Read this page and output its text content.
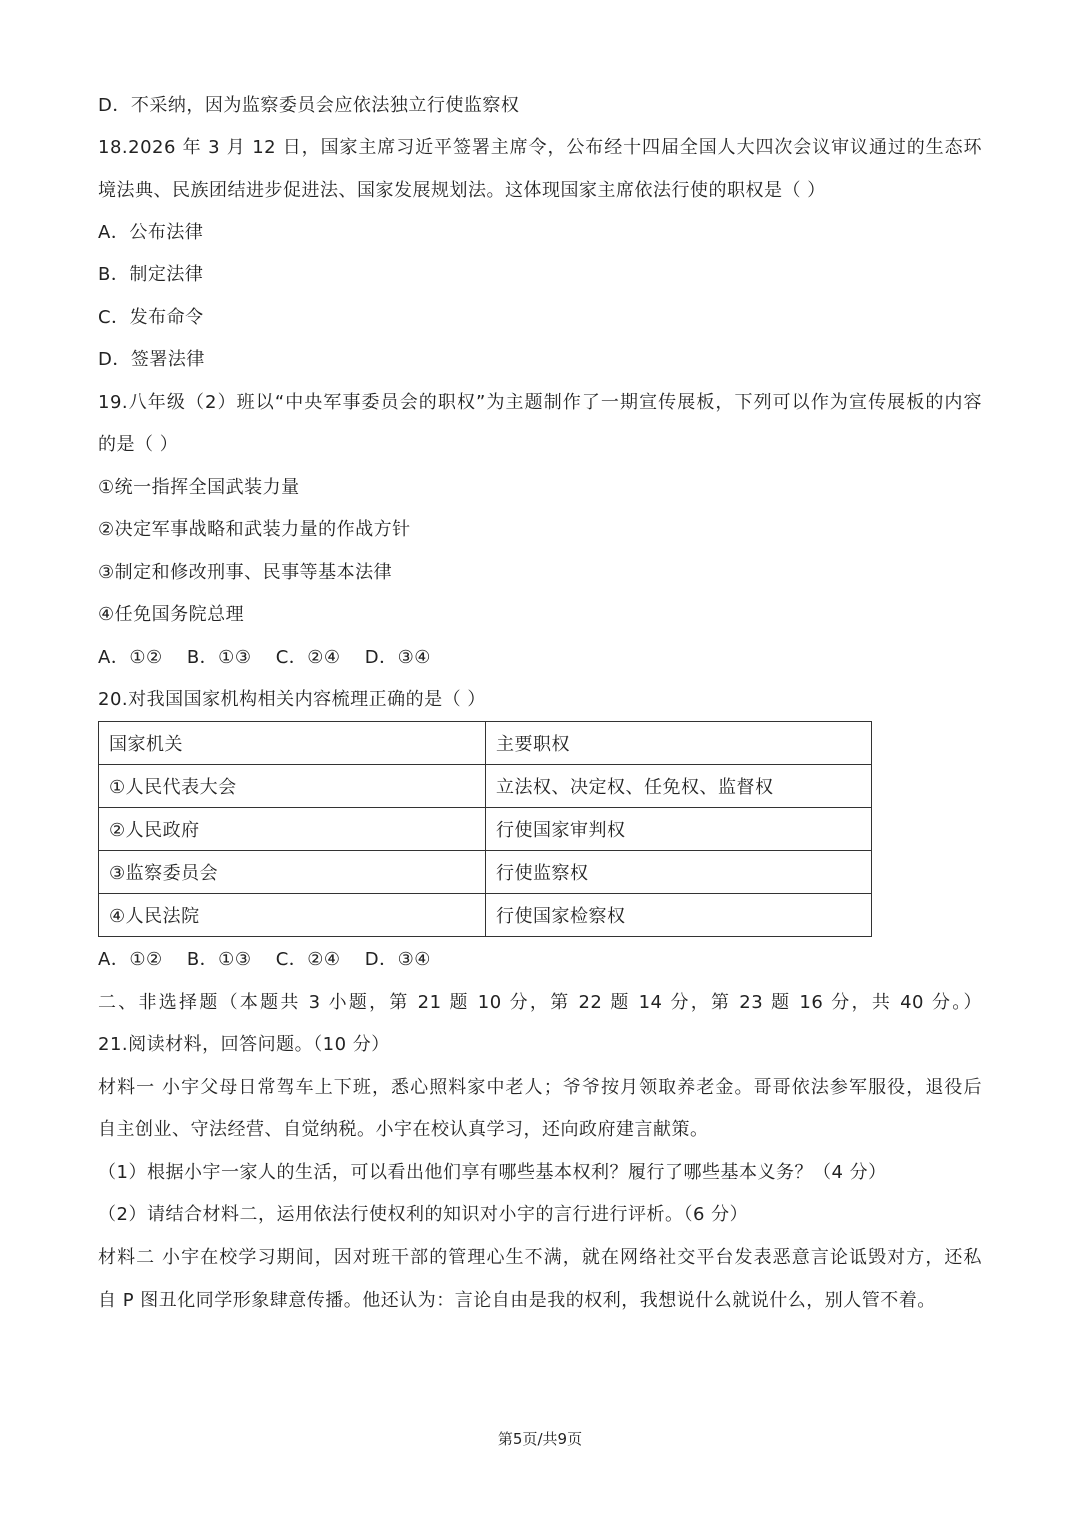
D．不采纳，因为监察委员会应依法独立行使监察权
18.2026 年 3 月 12 日，国家主席习近平签署主席令，公布经十四届全国人大四次会议审议通过的生态环
境法典、民族团结进步促进法、国家发展规划法。这体现国家主席依法行使的职权是（ ）
A．公布法律
B．制定法律
C．发布命令
D．签署法律
19.八年级（2）班以“中央军事委员会的职权”为主题制作了一期宣传展板，下列可以作为宣传展板的内容
的是（ ）
①统一指挥全国武装力量
②决定军事战略和武装力量的作战方针
③制定和修改刑事、民事等基本法律
④任免国务院总理
A．①② B．①③ C．②④ D．③④
20.对我国国家机构相关内容梳理正确的是（ ）
国家机关	主要职权
①人民代表大会	立法权、决定权、任免权、监督权
②人民政府	行使国家审判权
③监察委员会	行使监察权
④人民法院	行使国家检察权
A．①② B．①③ C．②④ D．③④
二、非选择题（本题共 3 小题，第 21 题 10 分，第 22 题 14 分，第 23 题 16 分，共 40 分。）
21.阅读材料，回答问题。（10 分）
材料一 小宇父母日常驾车上下班，悉心照料家中老人；爷爷按月领取养老金。哥哥依法参军服役，退役后
自主创业、守法经营、自觉纳税。小宇在校认真学习，还向政府建言献策。
（1）根据小宇一家人的生活，可以看出他们享有哪些基本权利？履行了哪些基本义务？（4 分）
（2）请结合材料二，运用依法行使权利的知识对小宇的言行进行评析。（6 分）
材料二 小宇在校学习期间，因对班干部的管理心生不满，就在网络社交平台发表恶意言论诋毁对方，还私
自 P 图丑化同学形象肆意传播。他还认为：言论自由是我的权利，我想说什么就说什么，别人管不着。
第5页/共9页
